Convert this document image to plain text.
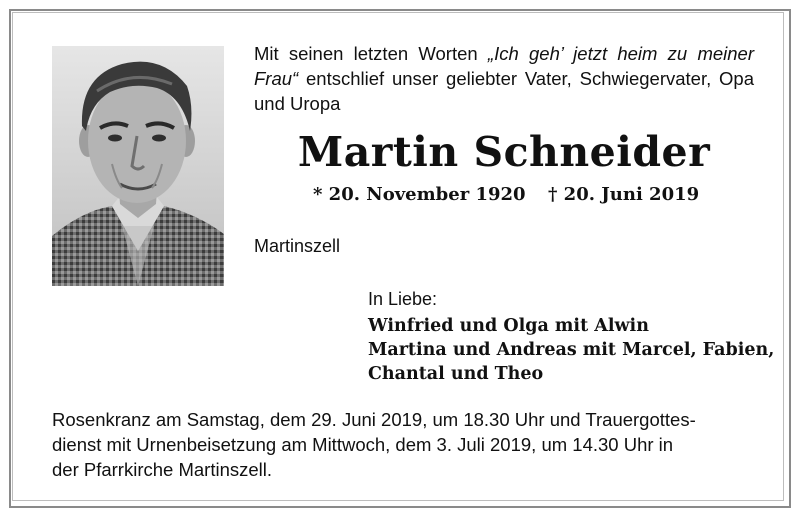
Mit seinen letzten Worten „Ich geh’ jetzt heim zu meiner Frau“ entschlief unser geliebter Vater, Schwiegervater, Opa und Uropa
Martin Schneider
* 20. November 1920 † 20. Juni 2019
Martinszell
In Liebe:
Winfried und Olga mit Alwin
Martina und Andreas mit Marcel, Fabien,
Chantal und Theo
Rosenkranz am Samstag, dem 29. Juni 2019, um 18.30 Uhr und Trauergottes-
dienst mit Urnenbeisetzung am Mittwoch, dem 3. Juli 2019, um 14.30 Uhr in
der Pfarrkirche Martinszell.
